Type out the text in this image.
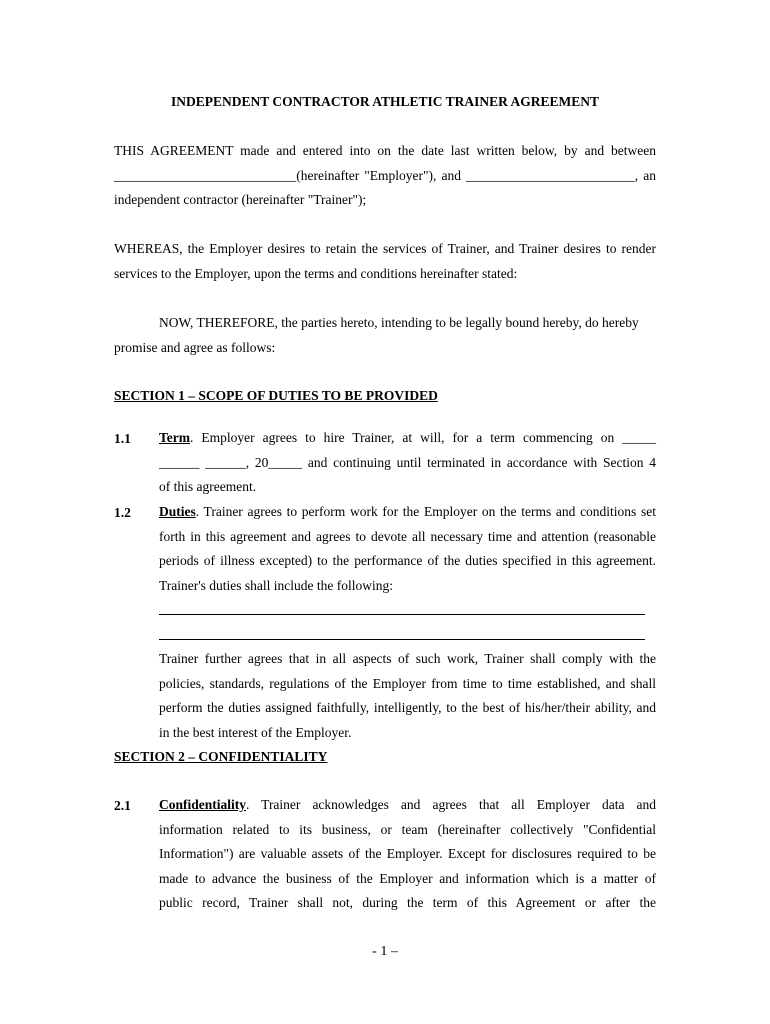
INDEPENDENT CONTRACTOR ATHLETIC TRAINER AGREEMENT
THIS AGREEMENT made and entered into on the date last written below, by and between
___________________________(hereinafter "Employer"), and _________________________, an
independent contractor (hereinafter "Trainer");
WHEREAS, the Employer desires to retain the services of Trainer, and Trainer desires to render
services to the Employer, upon the terms and conditions hereinafter stated:
NOW, THEREFORE, the parties hereto, intending to be legally bound hereby, do hereby
promise and agree as follows:
SECTION 1 – SCOPE OF DUTIES TO BE PROVIDED
1.1 Term. Employer agrees to hire Trainer, at will, for a term commencing on _____
______ ______, 20_____ and continuing until terminated in accordance with Section 4
of this agreement.
1.2 Duties. Trainer agrees to perform work for the Employer on the terms and conditions set
forth in this agreement and agrees to devote all necessary time and attention (reasonable
periods of illness excepted) to the performance of the duties specified in this agreement.
Trainer's duties shall include the following:
Trainer further agrees that in all aspects of such work, Trainer shall comply with the
policies, standards, regulations of the Employer from time to time established, and shall
perform the duties assigned faithfully, intelligently, to the best of his/her/their ability, and
in the best interest of the Employer.
SECTION 2 – CONFIDENTIALITY
2.1 Confidentiality. Trainer acknowledges and agrees that all Employer data and
information related to its business, or team (hereinafter collectively "Confidential
Information") are valuable assets of the Employer. Except for disclosures required to be
made to advance the business of the Employer and information which is a matter of
public record, Trainer shall not, during the term of this Agreement or after the
- 1 –
